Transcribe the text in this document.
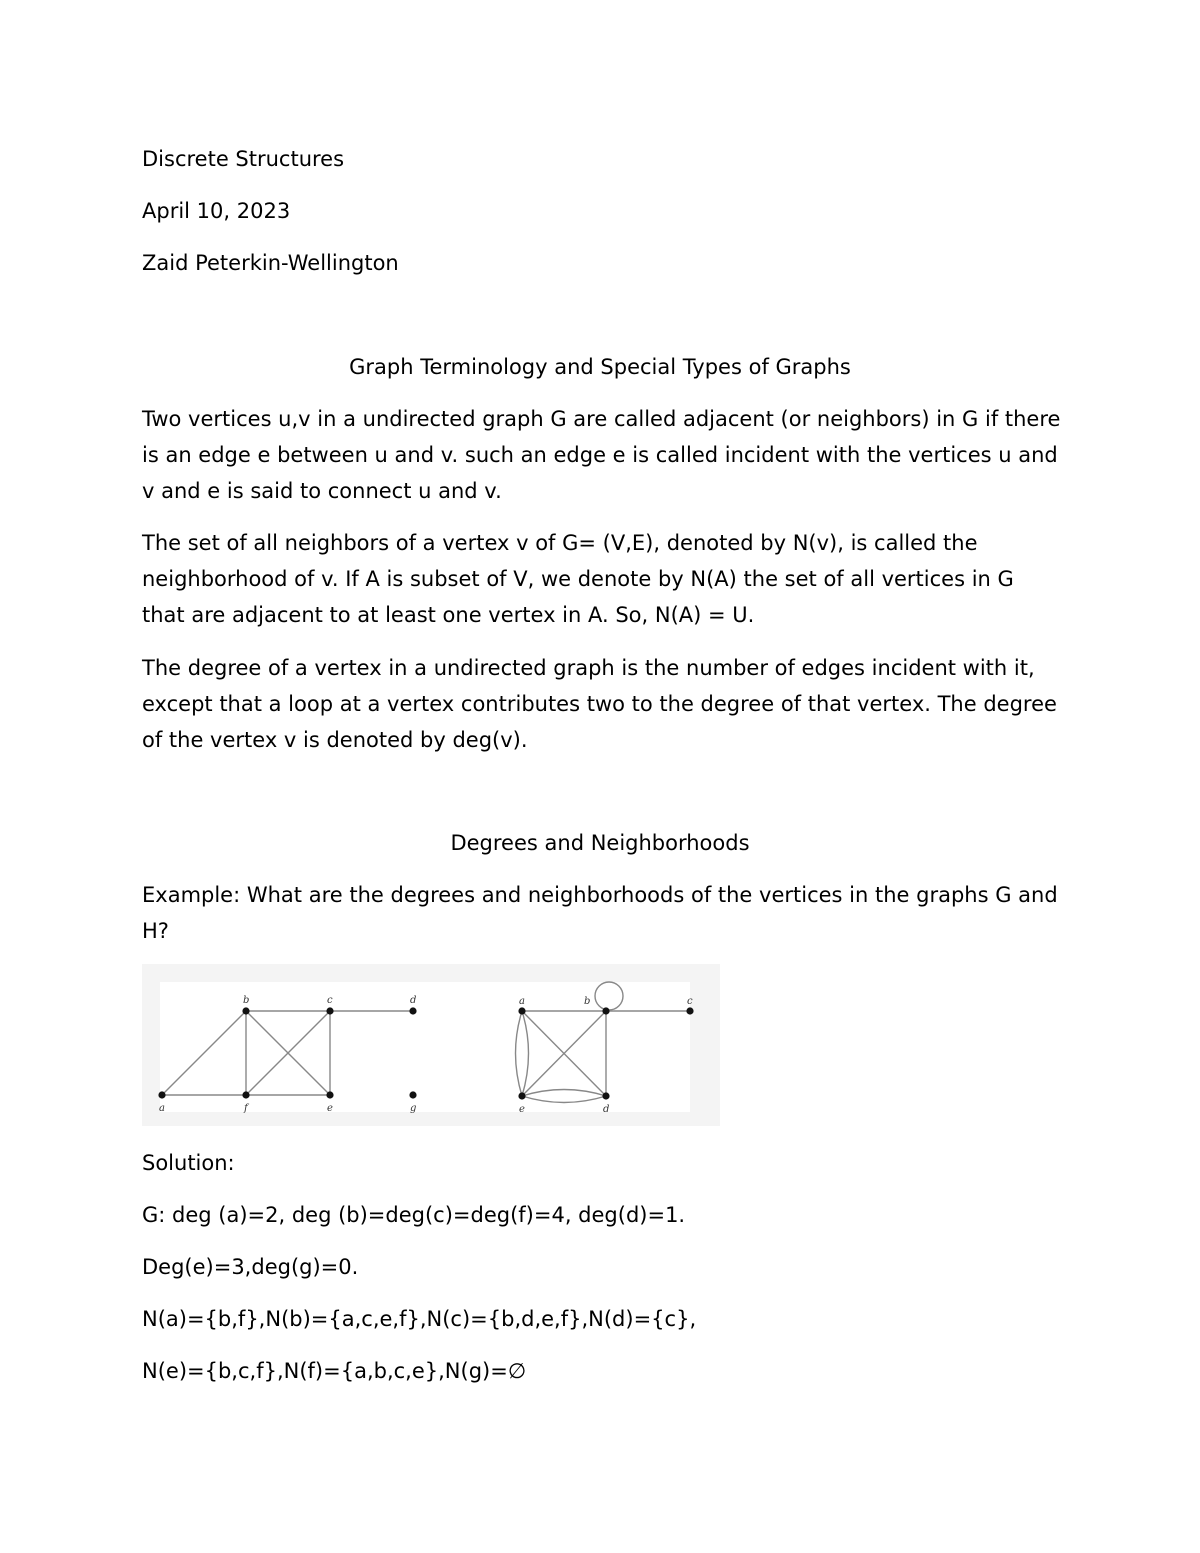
Discrete Structures
April 10, 2023
Zaid Peterkin-Wellington
Graph Terminology and Special Types of Graphs

Two vertices u,v in a undirected graph G are called adjacent (or neighbors) in G if there is an edge e between u and v. such an edge e is called incident with the vertices u and v and e is said to connect u and v.

The set of all neighbors of a vertex v of G= (V,E), denoted by N(v), is called the neighborhood of v. If A is subset of V, we denote by N(A) the set of all vertices in G that are adjacent to at least one vertex in A. So, N(A) = U.

The degree of a vertex in a undirected graph is the number of edges incident with it, except that a loop at a vertex contributes two to the degree of that vertex. The degree of the vertex v is denoted by deg(v).

Degrees and Neighborhoods

Example: What are the degrees and neighborhoods of the vertices in the graphs G and H?

b	c	d
a	f	e	g
a	b	c
e	d
Solution:
G: deg (a)=2, deg (b)=deg(c)=deg(f)=4, deg(d)=1.
Deg(e)=3,deg(g)=0.
N(a)={b,f},N(b)={a,c,e,f},N(c)={b,d,e,f},N(d)={c},
N(e)={b,c,f},N(f)={a,b,c,e},N(g)=∅
